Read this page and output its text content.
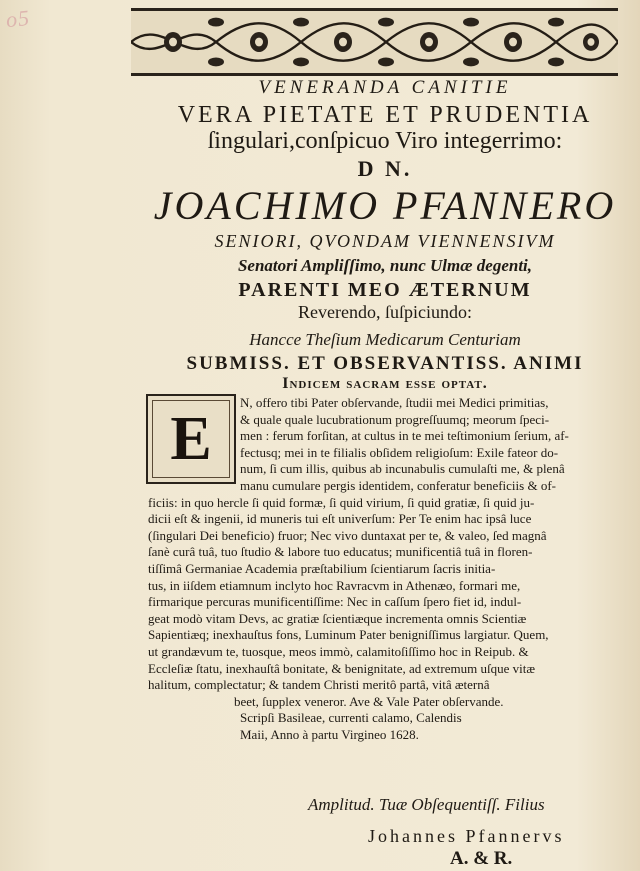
o5
VENERANDA CANITIE
VERA PIETATE ET PRUDENTIA
ſingulari,conſpicuo Viro integerrimo:
D N.
JOACHIMO PFANNERO
SENIORI, QVONDAM VIENNENSIVM
Senatori Ampliſſimo, nunc Ulmæ degenti,
PARENTI MEO ÆTERNUM
Reverendo, ſuſpiciundo:
Hancce Theſium Medicarum Centuriam
SUBMISS. ET OBSERVANTISS. ANIMI
Indicem sacram esse optat.
E
N, offero tibi Pater obſervande, ſtudii mei Medici primitias,
& quale quale lucubrationum progreſſuumq; meorum ſpeci-
men : ferum forſitan, at cultus in te mei teſtimonium ſerium, af-
fectusq; mei in te filialis obſidem religioſum: Exile fateor do-
num, ſi cum illis, quibus ab incunabulis cumulaſti me, & plenâ
manu cumulare pergis identidem, conferatur beneficiis & of-
ficiis: in quo hercle ſi quid formæ, ſi quid virium, ſi quid gratiæ, ſi quid ju-
dicii eſt & ingenii, id muneris tui eſt univerſum: Per Te enim hac ipsâ luce
(ſingulari Dei beneficio) fruor; Nec vivo duntaxat per te, & valeo, ſed magnâ
ſanè curâ tuâ, tuo ſtudio & labore tuo educatus; munificentiâ tuâ in floren-
tiſſimâ Germaniae Academia præſtabilium ſcientiarum ſacris initia-
tus, in iiſdem etiamnum inclyto hoc Ravracvm in Athenæo, formari me,
firmarique percuras munificentiſſime: Nec in caſſum ſpero fiet id, indul-
geat modò vitam Devs, ac gratiæ ſcientiæque incrementa omnis Scientiæ
Sapientiæq; inexhauſtus fons, Luminum Pater benigniſſimus largiatur. Quem,
ut grandævum te, tuosque, meos immò, calamitoſiſſimo hoc in Reipub. &
Eccleſiæ ſtatu, inexhauſtâ bonitate, & benignitate, ad extremum uſque vitæ
halitum, complectatur; & tandem Christi meritô partâ, vitâ æternâ
beet, ſupplex veneror. Ave & Vale Pater obſervande.
Scripſi Basileae, currenti calamo, Calendis
Maii, Anno à partu Virgineo 1628.
Amplitud. Tuæ Obſequentiſſ. Filius
Johannes Pfannervs
A. & R.
